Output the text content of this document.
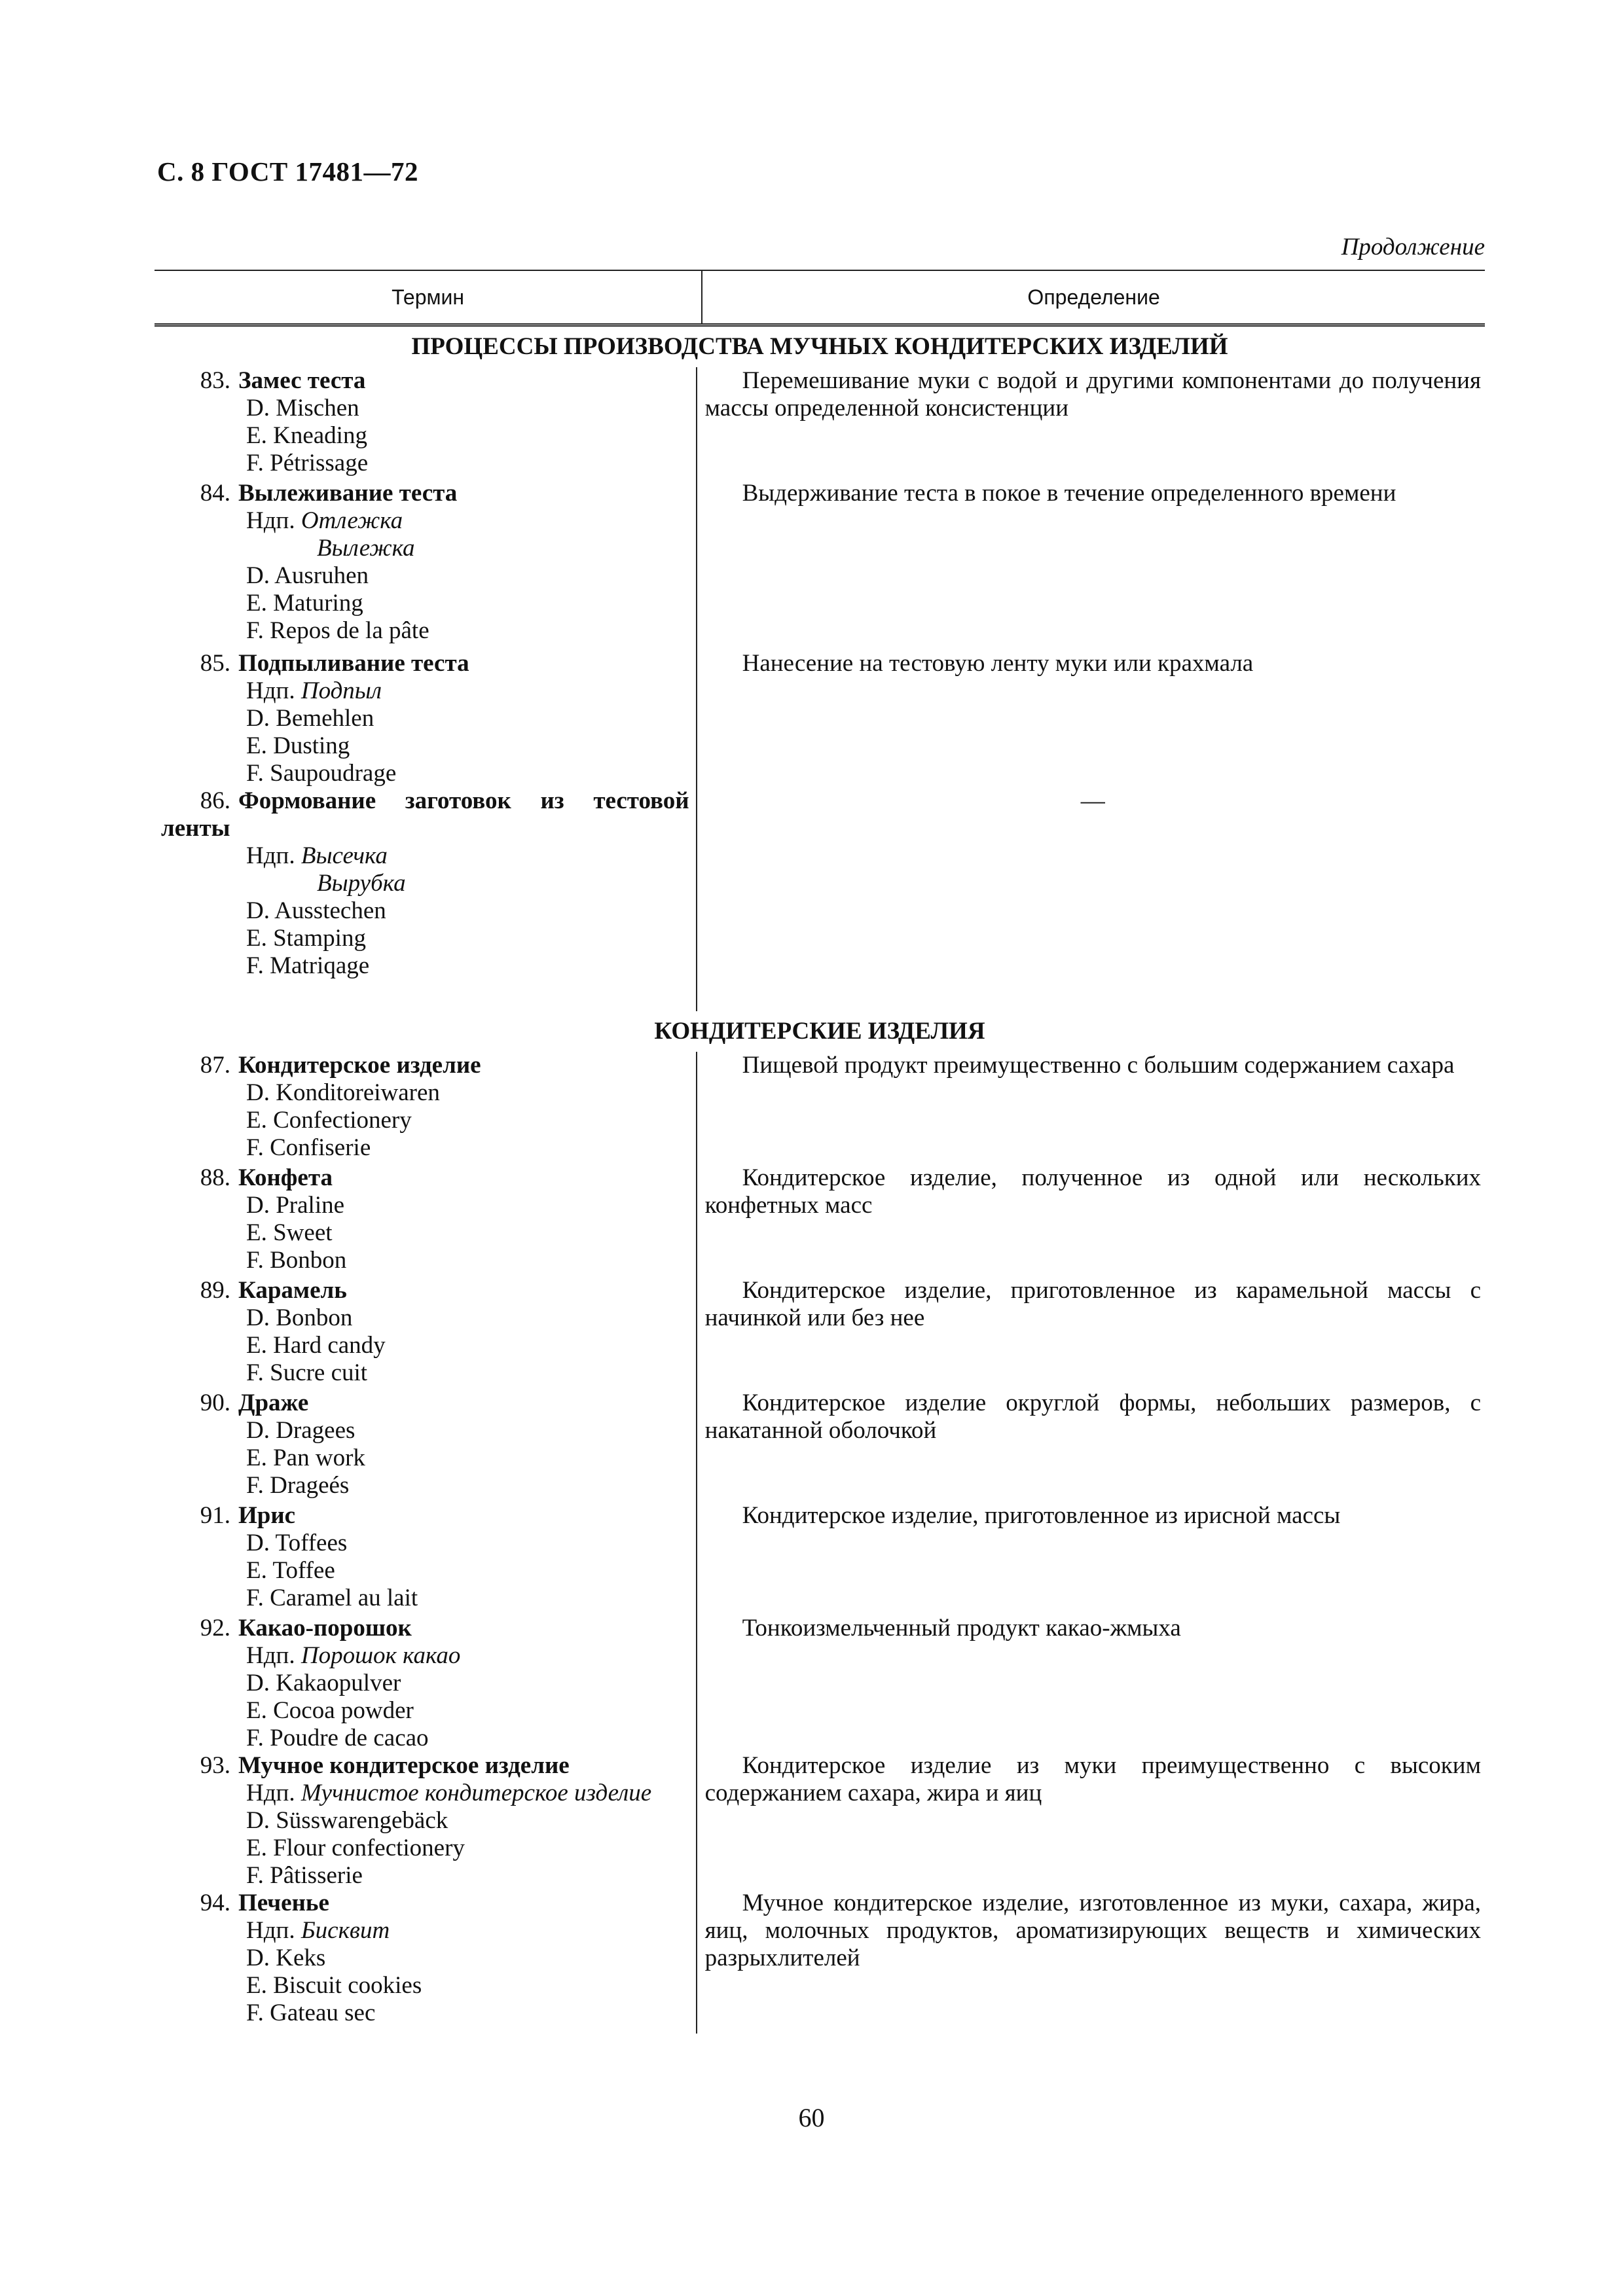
С. 8 ГОСТ 17481—72
Продолжение
Термин	Определение
ПРОЦЕССЫ ПРОИЗВОДСТВА МУЧНЫХ КОНДИТЕРСКИХ ИЗДЕЛИЙ
83. Замес теста
D. Mischen
E. Kneading
F. Pétrissage

Перемешивание муки с водой и другими компонентами до получения массы определенной консистенции

84. Вылеживание теста
Ндп. Отлежка
Вылежка
D. Ausruhen
E. Maturing
F. Repos de la pâte

Выдерживание теста в покое в течение определенного времени

85. Подпыливание теста
Ндп. Подпыл
D. Bemehlen
E. Dusting
F. Saupoudrage

Нанесение на тестовую ленту муки или крахмала

86. Формование заготовок из тестовой
ленты
Ндп. Высечка
Вырубка
D. Ausstechen
E. Stamping
F. Matriqage

—

КОНДИТЕРСКИЕ ИЗДЕЛИЯ
87. Кондитерское изделие
D. Konditoreiwaren
E. Confectionery
F. Confiserie

Пищевой продукт преимущественно с большим содержанием сахара

88. Конфета
D. Praline
E. Sweet
F. Bonbon

Кондитерское изделие, полученное из одной или нескольких конфетных масс

89. Карамель
D. Bonbon
E. Hard candy
F. Sucre cuit

Кондитерское изделие, приготовленное из карамельной массы с начинкой или без нее

90. Драже
D. Dragees
E. Pan work
F. Drageés

Кондитерское изделие округлой формы, небольших размеров, с накатанной оболочкой

91. Ирис
D. Toffees
E. Toffee
F. Caramel au lait

Кондитерское изделие, приготовленное из ирисной массы

92. Какао-порошок
Ндп. Порошок какао
D. Kakaopulver
E. Cocoa powder
F. Poudre de cacao

Тонкоизмельченный продукт какао-жмыха

93. Мучное кондитерское изделие
Ндп. Мучнистое кондитерское изделие
D. Süsswarengebäck
E. Flour confectionery
F. Pâtisserie

Кондитерское изделие из муки преимущественно с высоким содержанием сахара, жира и яиц

94. Печенье
Ндп. Бисквит
D. Keks
E. Biscuit cookies
F. Gateau sec

Мучное кондитерское изделие, изготовленное из муки, сахара, жира, яиц, молочных продуктов, ароматизирующих веществ и химических разрыхлителей

60
